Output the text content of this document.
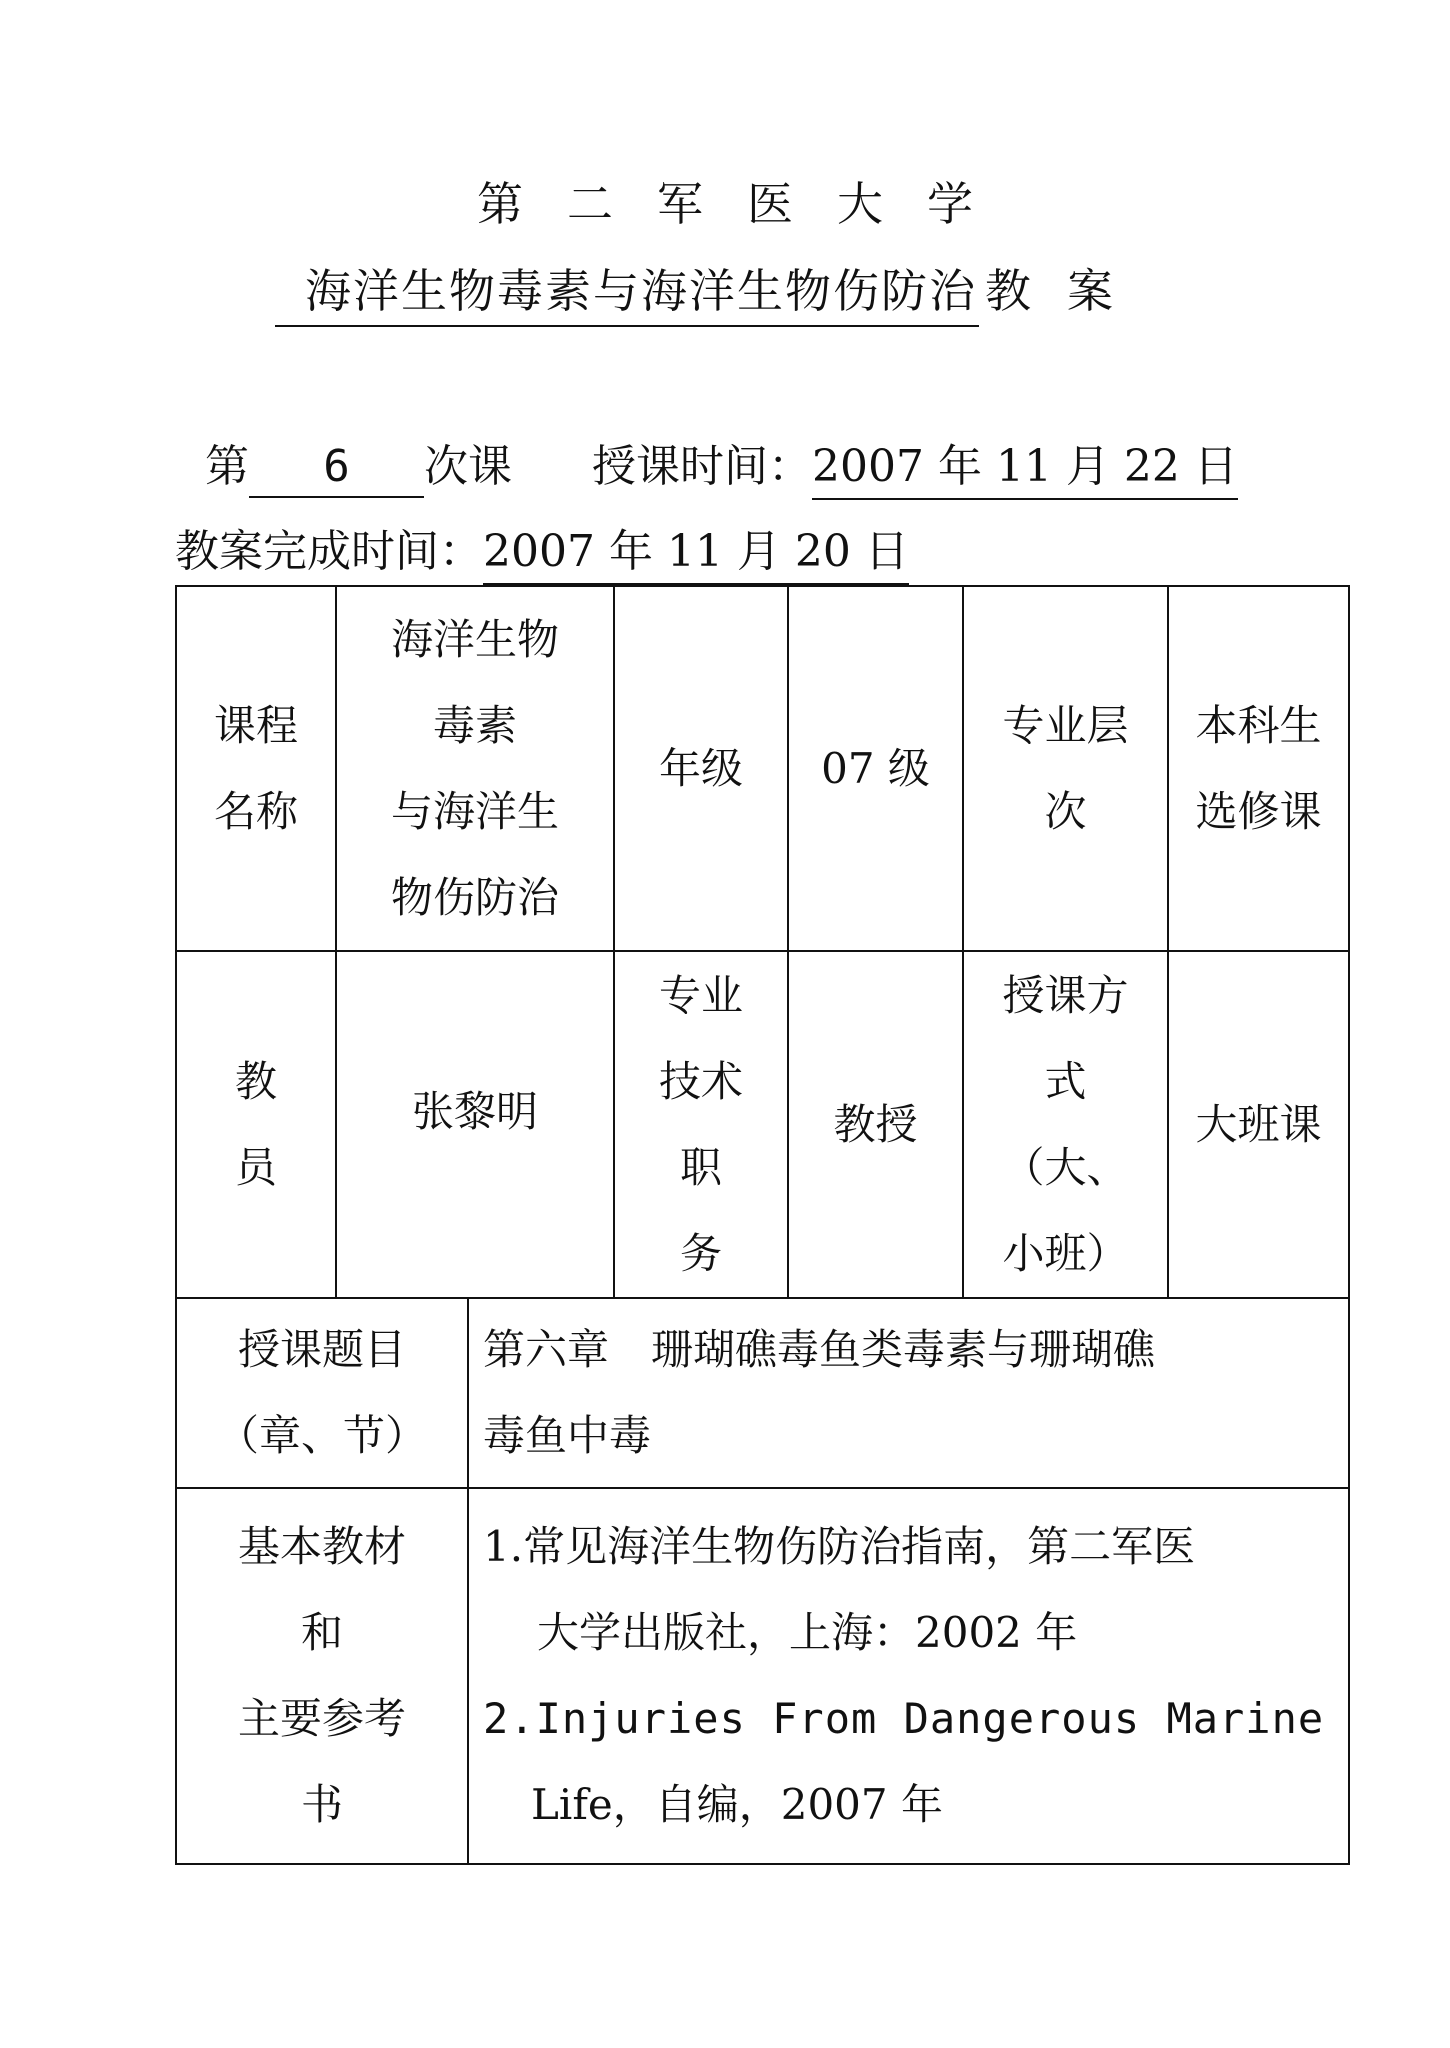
第二军医大学
海洋生物毒素与海洋生物伤防治 教案
第 6 次课 授课时间：2007 年 11 月 22 日
教案完成时间：2007 年 11 月 20 日
课程
名称
海洋生物
毒素
与海洋生
物伤防治
年级	07 级
专业层
次
本科生
选修课
教
员
张黎明
专业
技术
职
务
教授
授课方
式
（大、
小班）
大班课
授课题目
（章、节）
第六章　珊瑚礁毒鱼类毒素与珊瑚礁
毒鱼中毒
基本教材
和
主要参考
书
1.常见海洋生物伤防治指南，第二军医
大学出版社，上海：2002 年
2.Injuries From Dangerous Marine
Life，自编，2007 年
